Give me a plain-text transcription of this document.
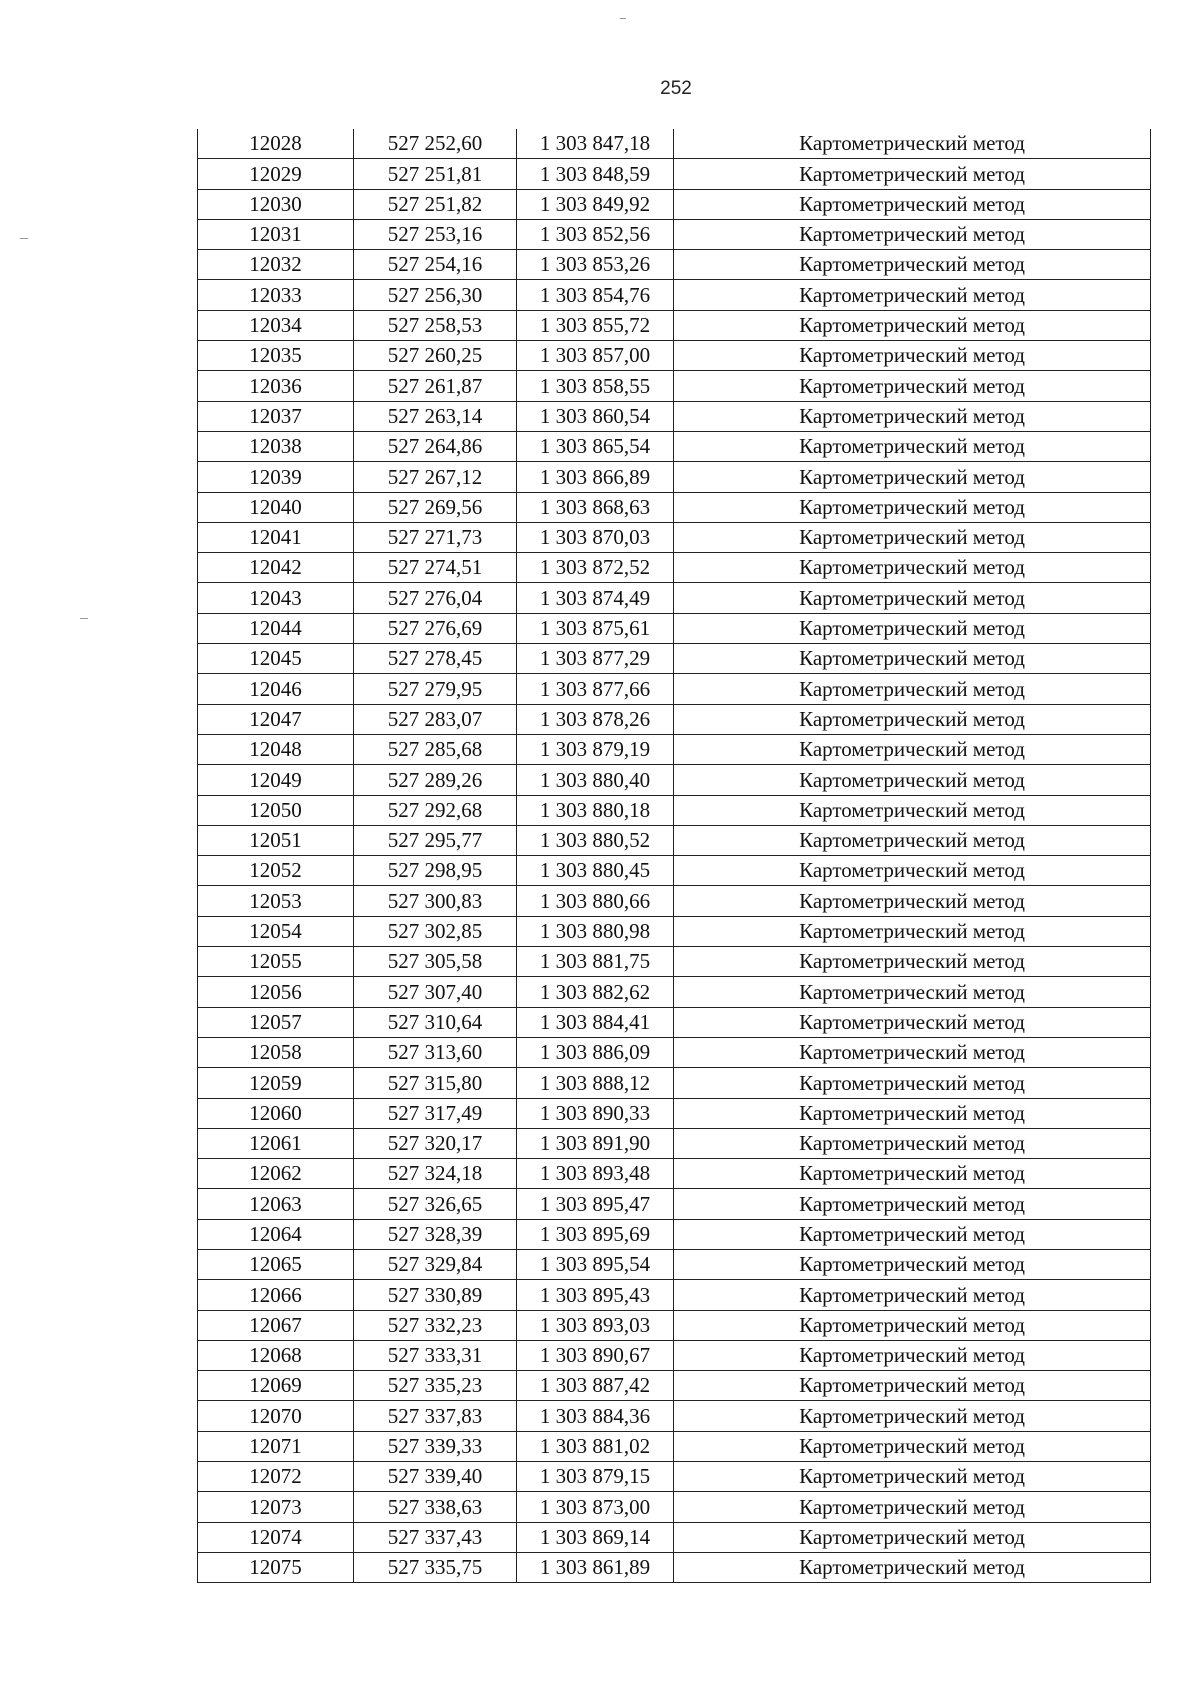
252
12028	527 252,60	1 303 847,18	Картометрический метод
12029	527 251,81	1 303 848,59	Картометрический метод
12030	527 251,82	1 303 849,92	Картометрический метод
12031	527 253,16	1 303 852,56	Картометрический метод
12032	527 254,16	1 303 853,26	Картометрический метод
12033	527 256,30	1 303 854,76	Картометрический метод
12034	527 258,53	1 303 855,72	Картометрический метод
12035	527 260,25	1 303 857,00	Картометрический метод
12036	527 261,87	1 303 858,55	Картометрический метод
12037	527 263,14	1 303 860,54	Картометрический метод
12038	527 264,86	1 303 865,54	Картометрический метод
12039	527 267,12	1 303 866,89	Картометрический метод
12040	527 269,56	1 303 868,63	Картометрический метод
12041	527 271,73	1 303 870,03	Картометрический метод
12042	527 274,51	1 303 872,52	Картометрический метод
12043	527 276,04	1 303 874,49	Картометрический метод
12044	527 276,69	1 303 875,61	Картометрический метод
12045	527 278,45	1 303 877,29	Картометрический метод
12046	527 279,95	1 303 877,66	Картометрический метод
12047	527 283,07	1 303 878,26	Картометрический метод
12048	527 285,68	1 303 879,19	Картометрический метод
12049	527 289,26	1 303 880,40	Картометрический метод
12050	527 292,68	1 303 880,18	Картометрический метод
12051	527 295,77	1 303 880,52	Картометрический метод
12052	527 298,95	1 303 880,45	Картометрический метод
12053	527 300,83	1 303 880,66	Картометрический метод
12054	527 302,85	1 303 880,98	Картометрический метод
12055	527 305,58	1 303 881,75	Картометрический метод
12056	527 307,40	1 303 882,62	Картометрический метод
12057	527 310,64	1 303 884,41	Картометрический метод
12058	527 313,60	1 303 886,09	Картометрический метод
12059	527 315,80	1 303 888,12	Картометрический метод
12060	527 317,49	1 303 890,33	Картометрический метод
12061	527 320,17	1 303 891,90	Картометрический метод
12062	527 324,18	1 303 893,48	Картометрический метод
12063	527 326,65	1 303 895,47	Картометрический метод
12064	527 328,39	1 303 895,69	Картометрический метод
12065	527 329,84	1 303 895,54	Картометрический метод
12066	527 330,89	1 303 895,43	Картометрический метод
12067	527 332,23	1 303 893,03	Картометрический метод
12068	527 333,31	1 303 890,67	Картометрический метод
12069	527 335,23	1 303 887,42	Картометрический метод
12070	527 337,83	1 303 884,36	Картометрический метод
12071	527 339,33	1 303 881,02	Картометрический метод
12072	527 339,40	1 303 879,15	Картометрический метод
12073	527 338,63	1 303 873,00	Картометрический метод
12074	527 337,43	1 303 869,14	Картометрический метод
12075	527 335,75	1 303 861,89	Картометрический метод
